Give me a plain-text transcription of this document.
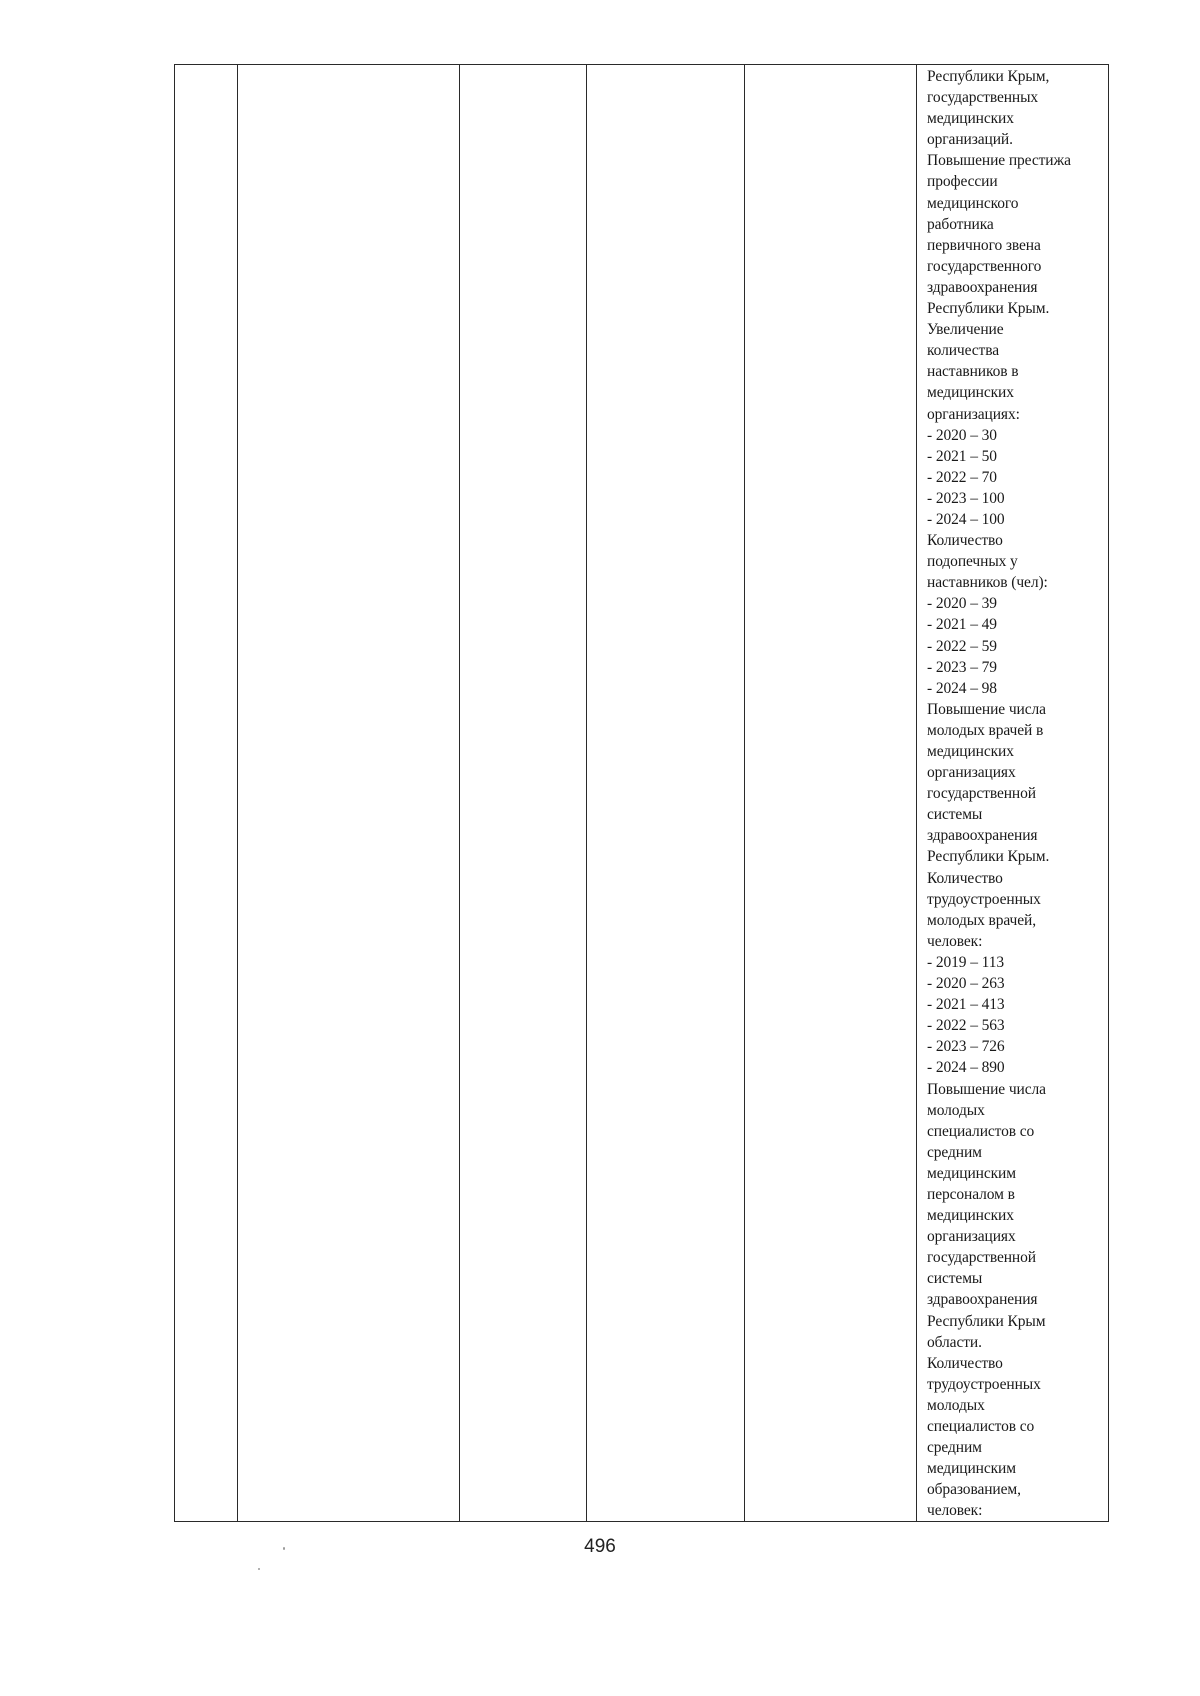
Республики Крым,
государственных
медицинских
организаций.
Повышение престижа
профессии
медицинского
работника
первичного звена
государственного
здравоохранения
Республики Крым.
Увеличение
количества
наставников в
медицинских
организациях:
- 2020 – 30
- 2021 – 50
- 2022 – 70
- 2023 – 100
- 2024 – 100
Количество
подопечных у
наставников (чел):
- 2020 – 39
- 2021 – 49
- 2022 – 59
- 2023 – 79
- 2024 – 98
Повышение числа
молодых врачей в
медицинских
организациях
государственной
системы
здравоохранения
Республики Крым.
Количество
трудоустроенных
молодых врачей,
человек:
- 2019 – 113
- 2020 – 263
- 2021 – 413
- 2022 – 563
- 2023 – 726
- 2024 – 890
Повышение числа
молодых
специалистов со
средним
медицинским
персоналом в
медицинских
организациях
государственной
системы
здравоохранения
Республики Крым
области.
Количество
трудоустроенных
молодых
специалистов со
средним
медицинским
образованием,
человек:
496
